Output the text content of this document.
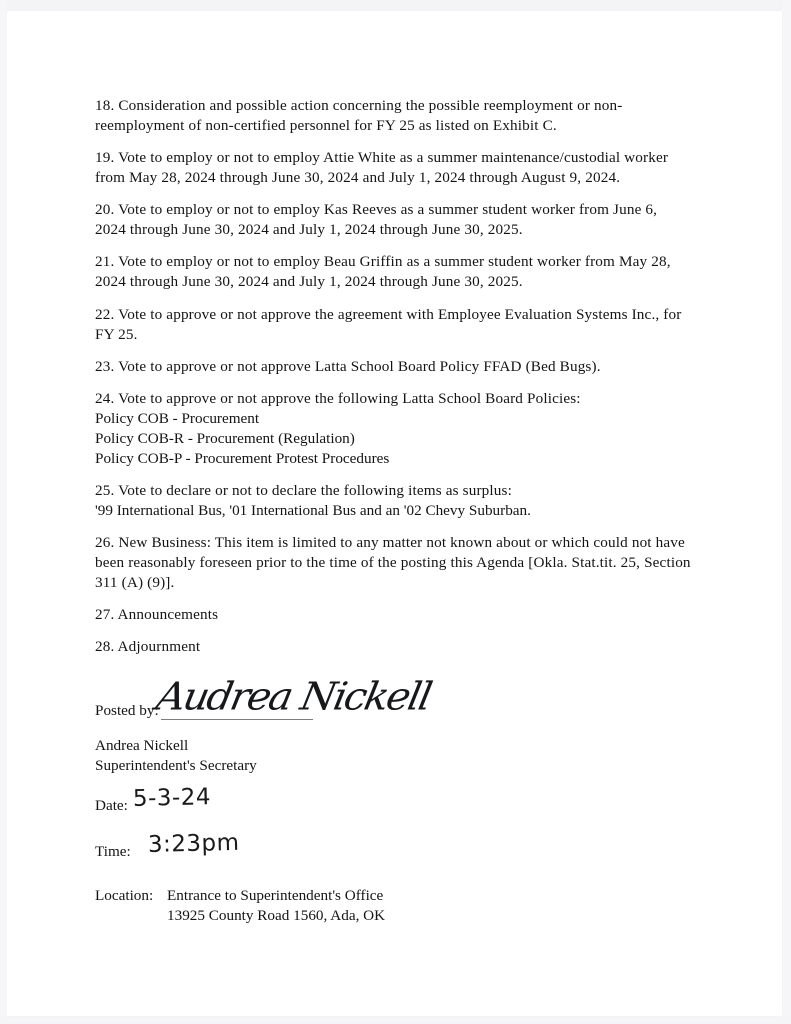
18. Consideration and possible action concerning the possible reemployment or non-reemployment of non-certified personnel for FY 25 as listed on Exhibit C.

19. Vote to employ or not to employ Attie White as a summer maintenance/custodial worker from May 28, 2024 through June 30, 2024 and July 1, 2024 through August 9, 2024.

20. Vote to employ or not to employ Kas Reeves as a summer student worker from June 6, 2024 through June 30, 2024 and July 1, 2024 through June 30, 2025.

21. Vote to employ or not to employ Beau Griffin as a summer student worker from May 28, 2024 through June 30, 2024 and July 1, 2024 through June 30, 2025.

22. Vote to approve or not approve the agreement with Employee Evaluation Systems Inc., for FY 25.

23. Vote to approve or not approve Latta School Board Policy FFAD (Bed Bugs).

24. Vote to approve or not approve the following Latta School Board Policies:

Policy COB - Procurement

Policy COB-R - Procurement (Regulation)

Policy COB-P - Procurement Protest Procedures

25. Vote to declare or not to declare the following items as surplus:

'99 International Bus, '01 International Bus and an '02 Chevy Suburban.

26. New Business: This item is limited to any matter not known about or which could not have been reasonably foreseen prior to the time of the posting this Agenda [Okla. Stat.tit. 25, Section 311 (A) (9)].

27. Announcements

28. Adjournment

Posted by:
Audrea Nickell

Andrea Nickell

Superintendent's Secretary

Date: 5-3-24
Time: 3:23pm
Location: Entrance to Superintendent's Office
13925 County Road 1560, Ada, OK
